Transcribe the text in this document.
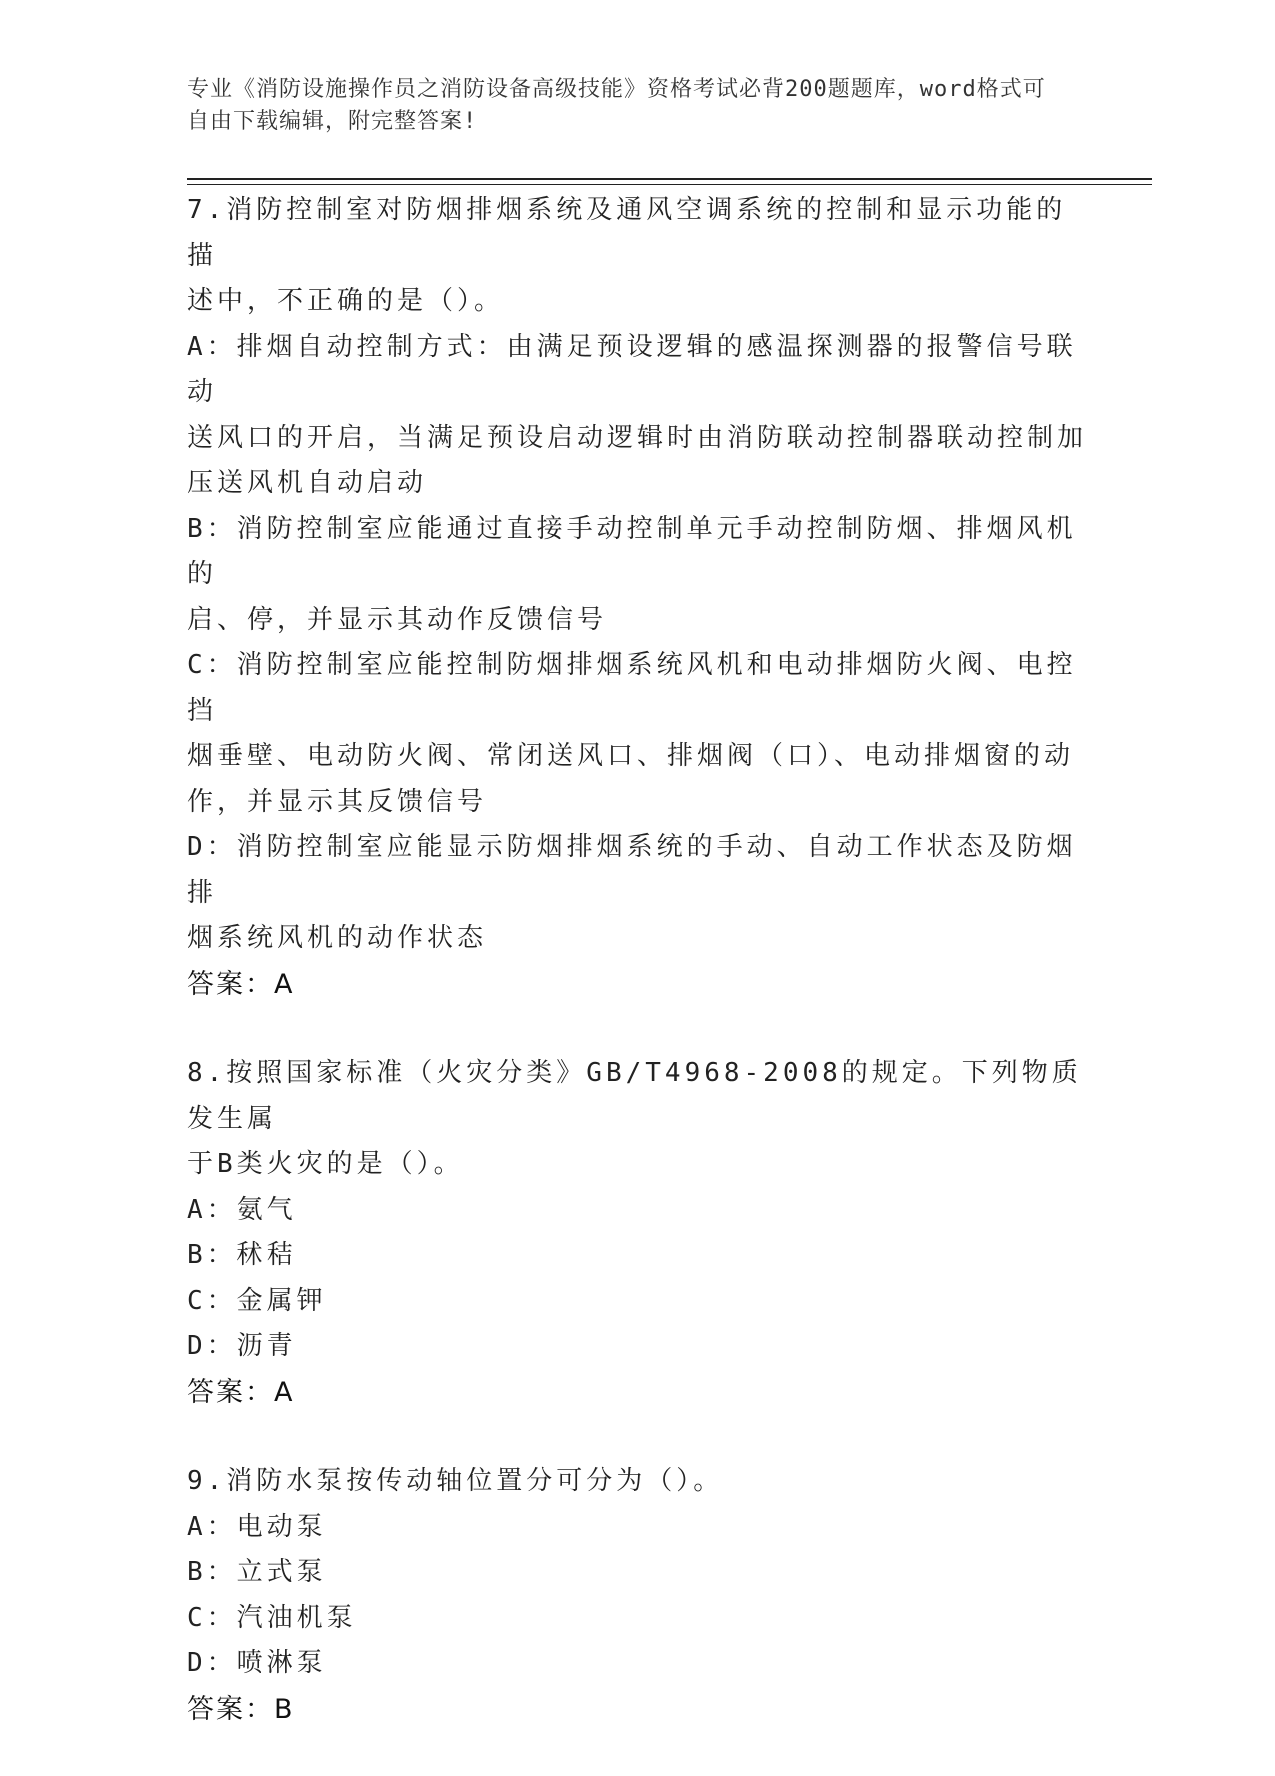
专业《消防设施操作员之消防设备高级技能》资格考试必背200题题库，word格式可自由下载编辑，附完整答案!
7.消防控制室对防烟排烟系统及通风空调系统的控制和显示功能的描
述中，不正确的是（）。
A：排烟自动控制方式：由满足预设逻辑的感温探测器的报警信号联动
送风口的开启，当满足预设启动逻辑时由消防联动控制器联动控制加
压送风机自动启动
B：消防控制室应能通过直接手动控制单元手动控制防烟、排烟风机的
启、停，并显示其动作反馈信号
C：消防控制室应能控制防烟排烟系统风机和电动排烟防火阀、电控挡
烟垂壁、电动防火阀、常闭送风口、排烟阀（口）、电动排烟窗的动
作，并显示其反馈信号
D：消防控制室应能显示防烟排烟系统的手动、自动工作状态及防烟排
烟系统风机的动作状态
答案：A
8.按照国家标准（火灾分类》GB/T4968-2008的规定。下列物质发生属
于B类火灾的是（）。
A：氨气
B：秫秸
C：金属钾
D：沥青
答案：A
9.消防水泵按传动轴位置分可分为（）。
A：电动泵
B：立式泵
C：汽油机泵
D：喷淋泵
答案：B
